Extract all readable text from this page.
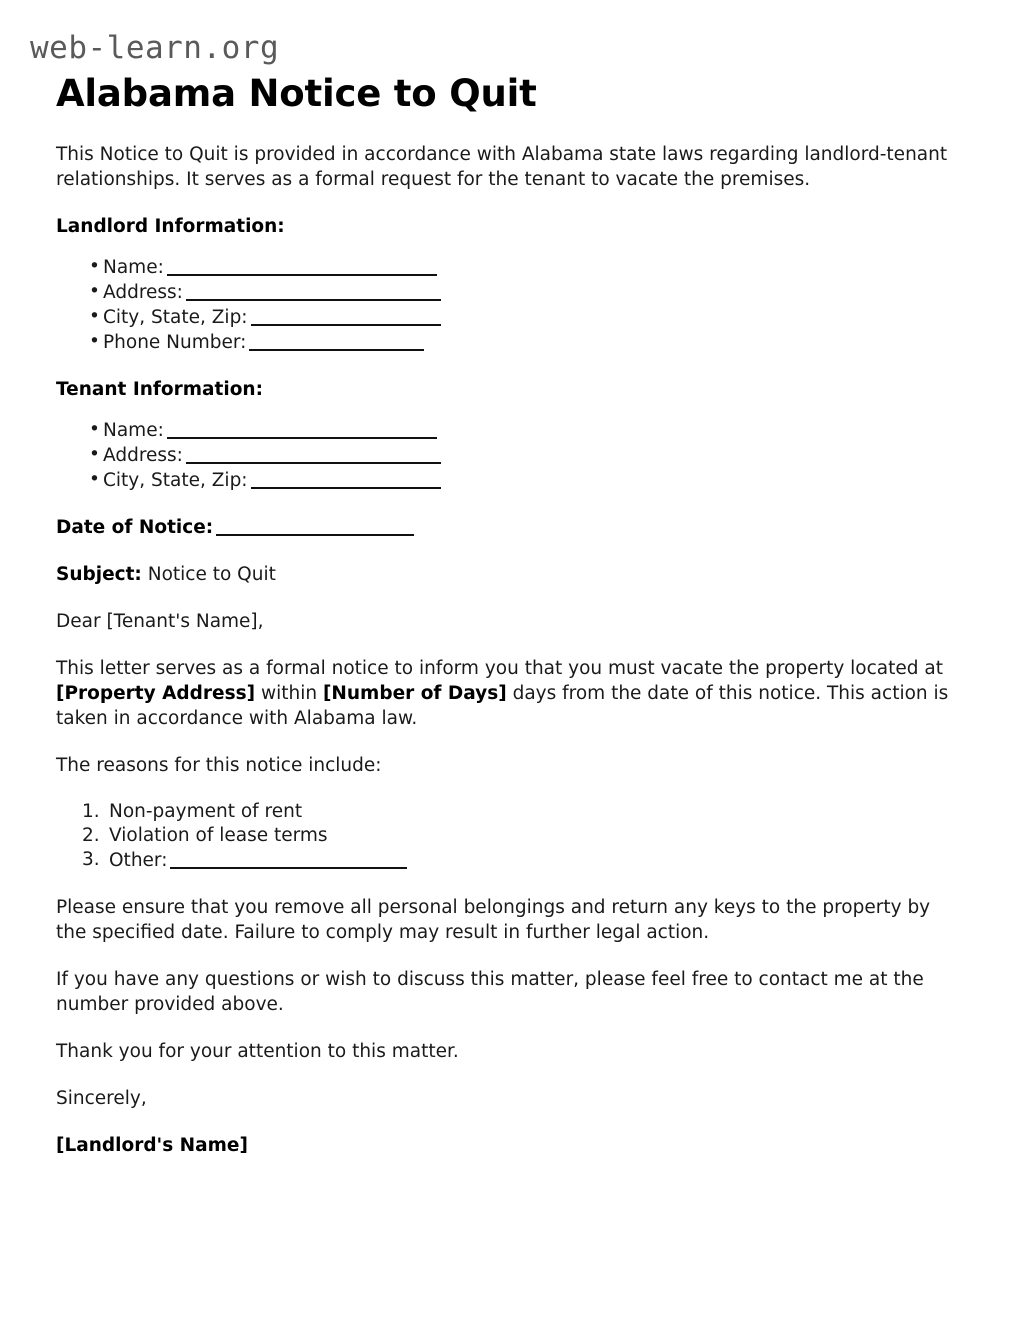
web-learn.org
Alabama Notice to Quit

This Notice to Quit is provided in accordance with Alabama state laws regarding landlord-tenant relationships. It serves as a formal request for the tenant to vacate the premises.

Landlord Information:
• Name:
• Address:
• City, State, Zip:
• Phone Number:
Tenant Information:
• Name:
• Address:
• City, State, Zip:

Date of Notice:

Subject: Notice to Quit

Dear [Tenant's Name],

This letter serves as a formal notice to inform you that you must vacate the property located at [Property Address] within [Number of Days] days from the date of this notice. This action is taken in accordance with Alabama law.

The reasons for this notice include:

Non-payment of rent
Violation of lease terms
Other:

Please ensure that you remove all personal belongings and return any keys to the property by the specified date. Failure to comply may result in further legal action.

If you have any questions or wish to discuss this matter, please feel free to contact me at the number provided above.

Thank you for your attention to this matter.

Sincerely,

[Landlord's Name]
